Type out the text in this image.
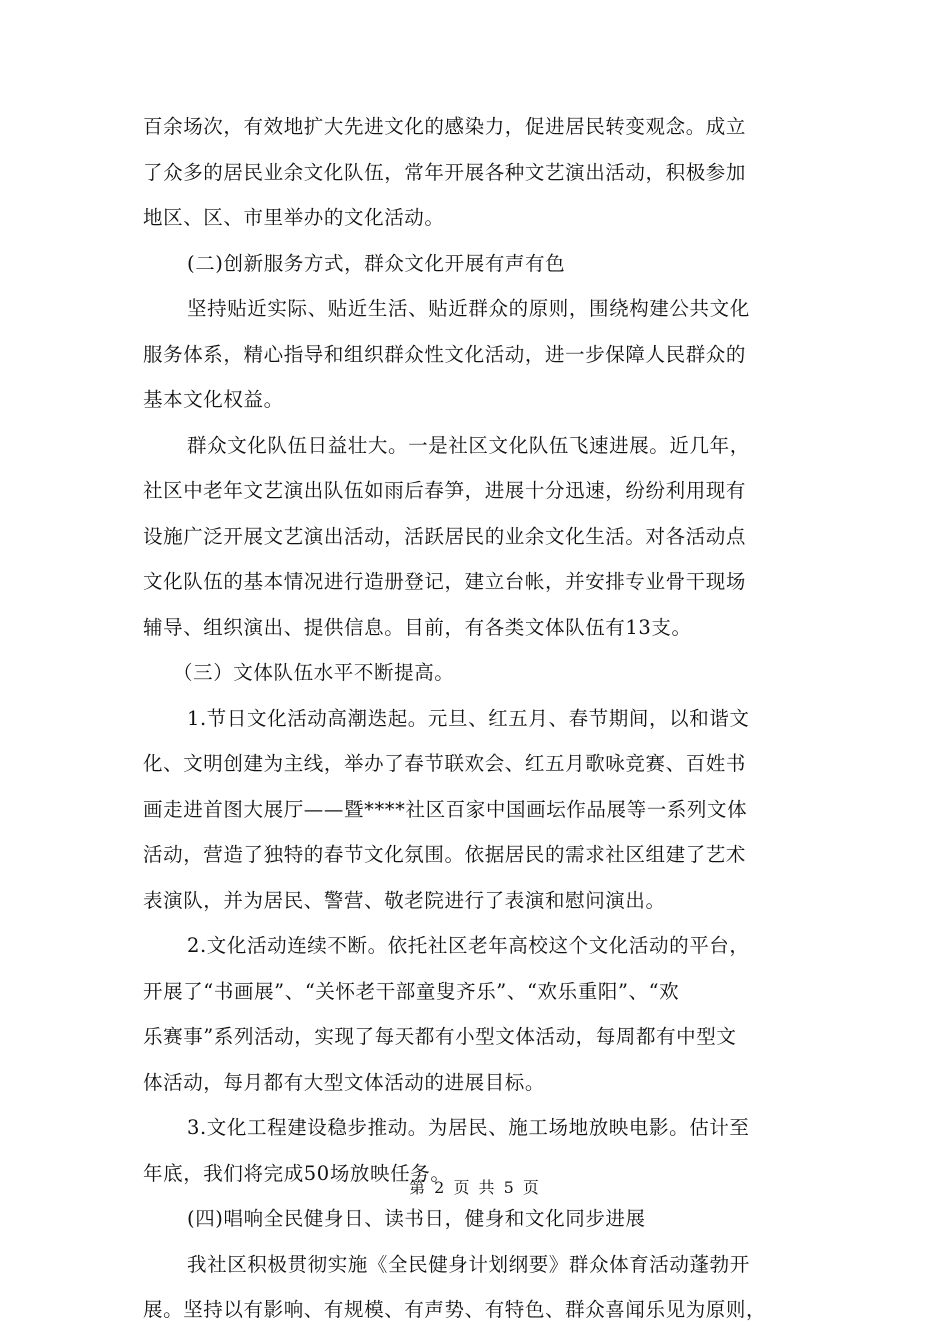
百余场次，有效地扩大先进文化的感染力，促进居民转变观念。成立
了众多的居民业余文化队伍，常年开展各种文艺演出活动，积极参加
地区、区、市里举办的文化活动。
(二)创新服务方式，群众文化开展有声有色
坚持贴近实际、贴近生活、贴近群众的原则，围绕构建公共文化
服务体系，精心指导和组织群众性文化活动，进一步保障人民群众的
基本文化权益。
群众文化队伍日益壮大。一是社区文化队伍飞速进展。近几年，
社区中老年文艺演出队伍如雨后春笋，进展十分迅速，纷纷利用现有
设施广泛开展文艺演出活动，活跃居民的业余文化生活。对各活动点
文化队伍的基本情况进行造册登记，建立台帐，并安排专业骨干现场
辅导、组织演出、提供信息。目前，有各类文体队伍有13支。
（三）文体队伍水平不断提高。
1.节日文化活动高潮迭起。元旦、红五月、春节期间，以和谐文
化、文明创建为主线，举办了春节联欢会、红五月歌咏竞赛、百姓书
画走进首图大展厅——暨****社区百家中国画坛作品展等一系列文体
活动，营造了独特的春节文化氛围。依据居民的需求社区组建了艺术
表演队，并为居民、警营、敬老院进行了表演和慰问演出。
2.文化活动连续不断。依托社区老年高校这个文化活动的平台，
开展了“书画展”、“关怀老干部童叟齐乐”、“欢乐重阳”、“欢
乐赛事”系列活动，实现了每天都有小型文体活动，每周都有中型文
体活动，每月都有大型文体活动的进展目标。
3.文化工程建设稳步推动。为居民、施工场地放映电影。估计至
年底，我们将完成50场放映任务。
(四)唱响全民健身日、读书日，健身和文化同步进展
我社区积极贯彻实施《全民健身计划纲要》群众体育活动蓬勃开
展。坚持以有影响、有规模、有声势、有特色、群众喜闻乐见为原则，
第 2 页 共 5 页
